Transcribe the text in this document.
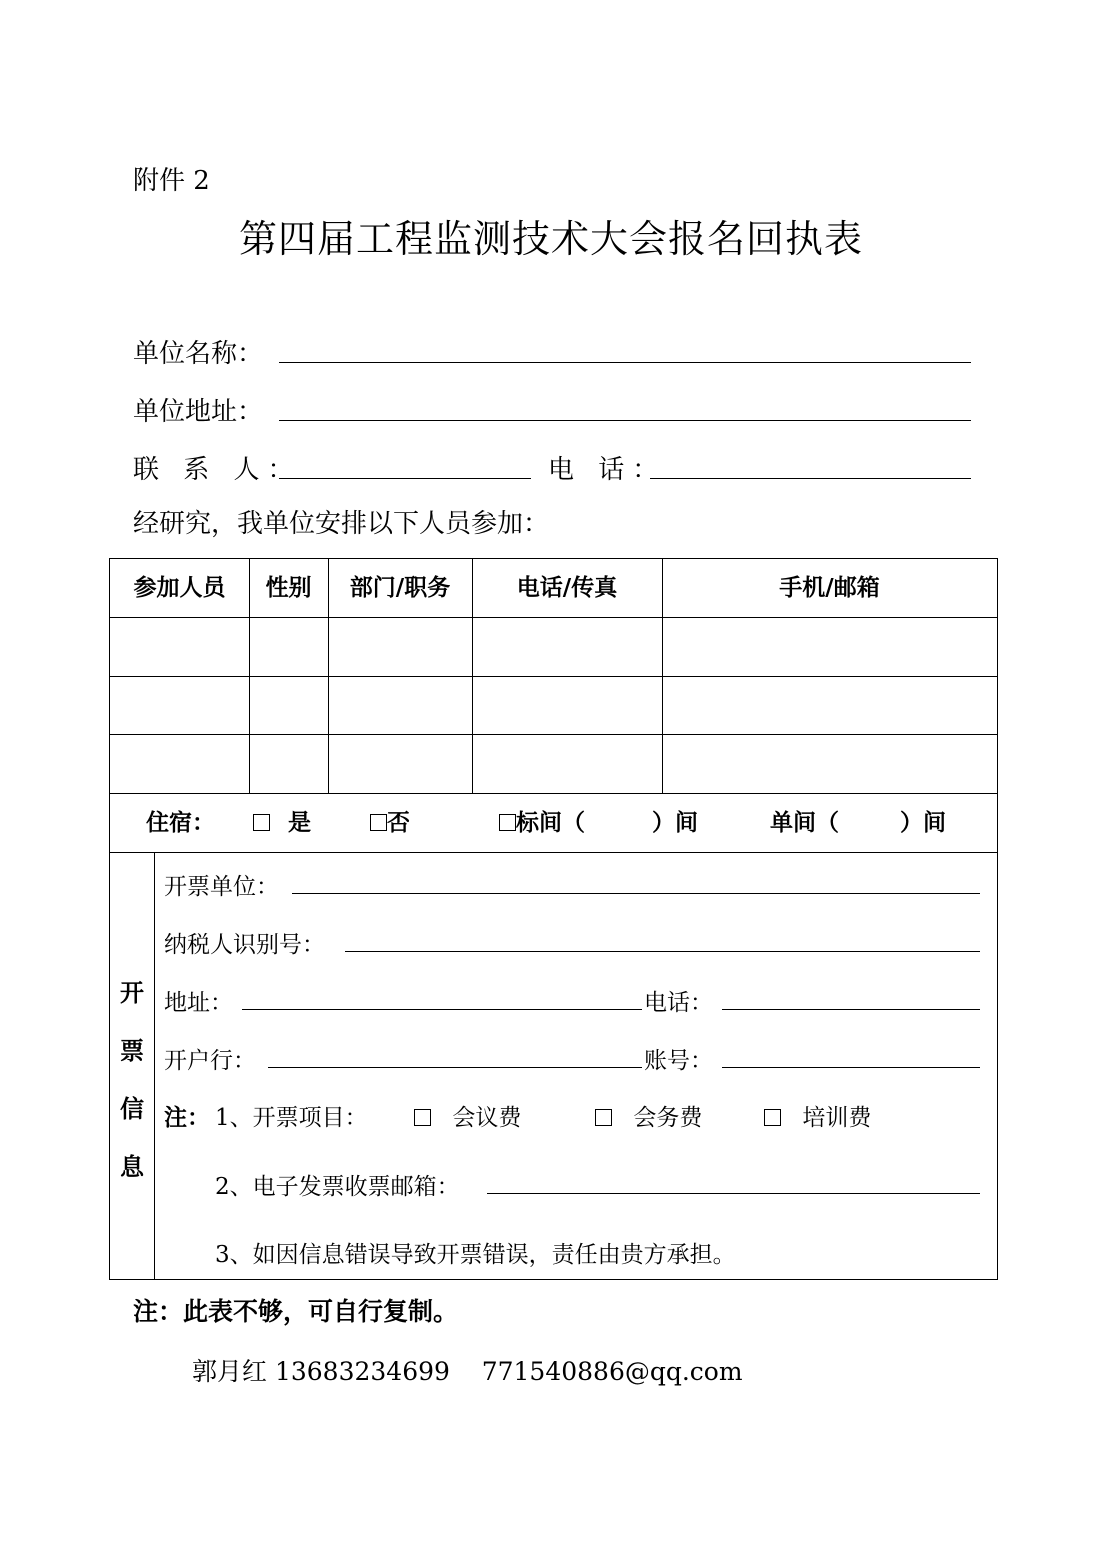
附件 2
第四届工程监测技术大会报名回执表
单位名称：
单位地址：
联 系 人：	电 话：
经研究，我单位安排以下人员参加：
参加人员	性别	部门/职务	电话/传真	手机/邮箱
住宿：	是	否	标间（	）间	单间（	）间
开
票
信
息
开票单位：
纳税人识别号：
地址：	电话：
开户行：	账号：
注： 1、开票项目：	会议费	会务费	培训费
2、电子发票收票邮箱：
3、如因信息错误导致开票错误，责任由贵方承担。
注：此表不够，可自行复制。
郭月红 13683234699    771540886@qq.com
